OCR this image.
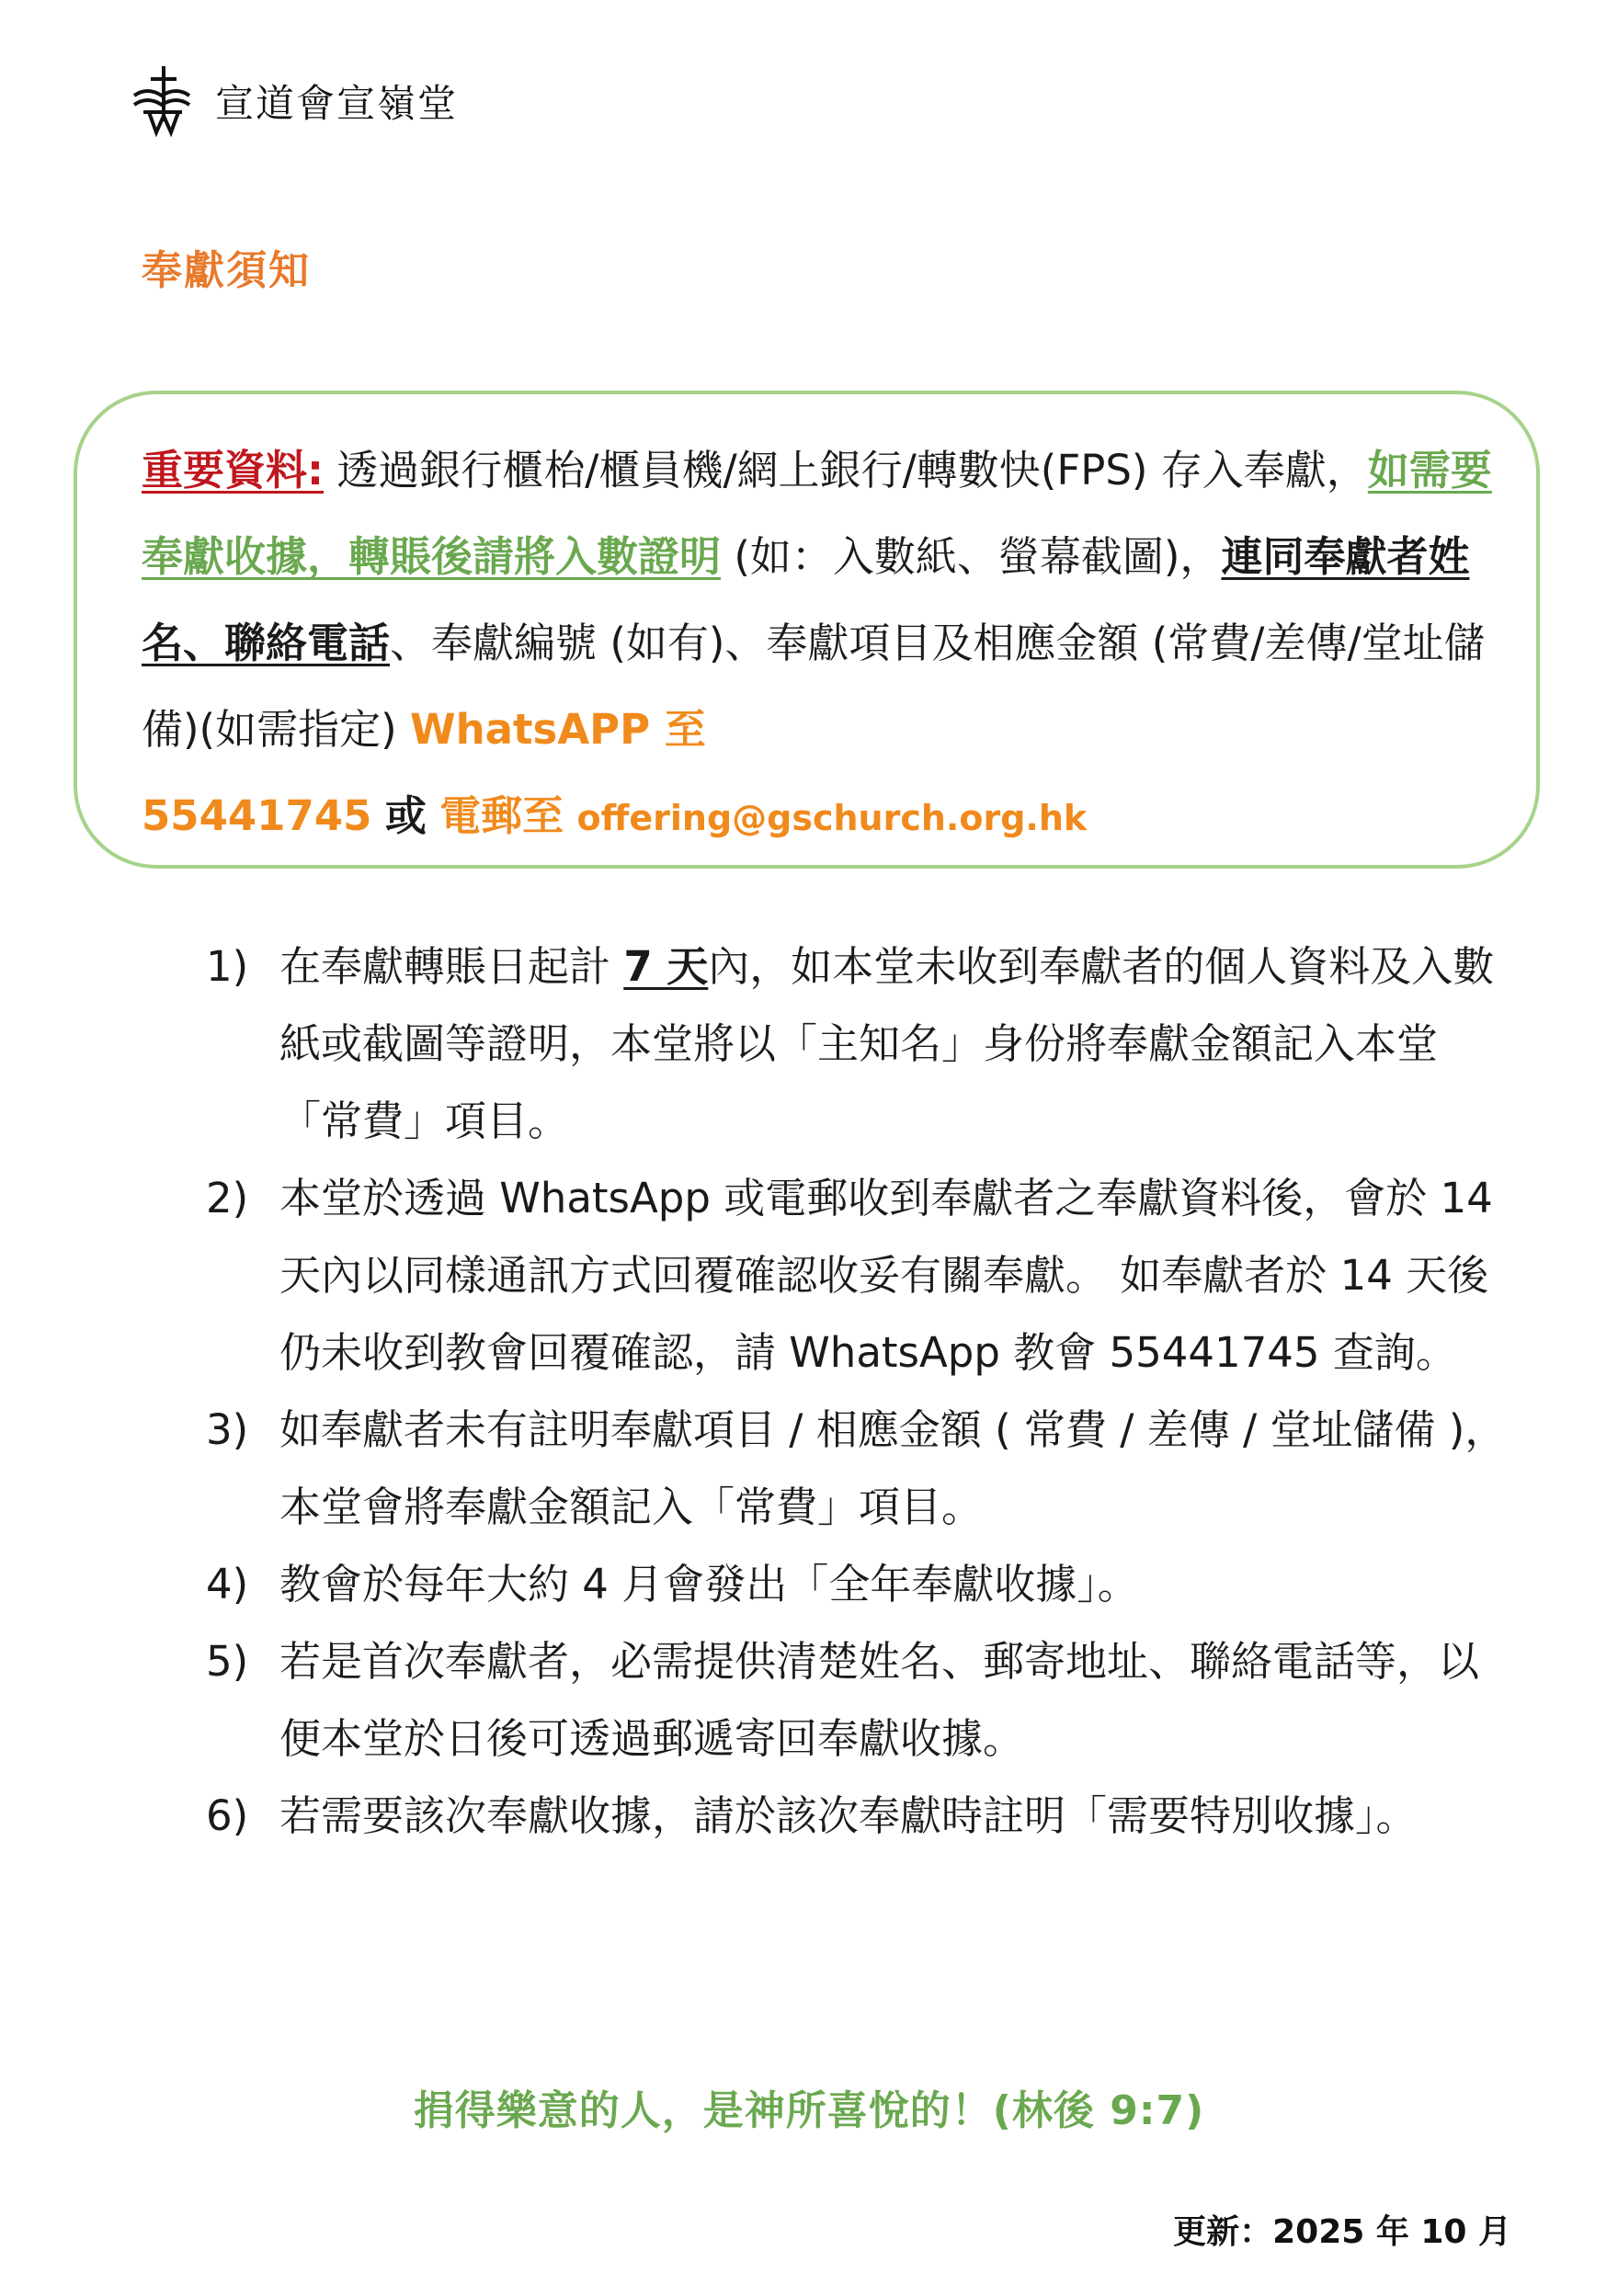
宣道會宣嶺堂
奉獻須知
重要資料: 透過銀行櫃枱/櫃員機/網上銀行/轉數快(FPS) 存入奉獻，如需要奉獻收據，轉賬後請將入數證明 (如：入數紙、螢幕截圖)，連同奉獻者姓名、聯絡電話、奉獻編號 (如有)、奉獻項目及相應金額 (常費/差傳/堂址儲備)(如需指定) WhatsAPP 至
55441745 或 電郵至 offering@gschurch.org.hk
1) 在奉獻轉賬日起計 7 天內，如本堂未收到奉獻者的個人資料及入數紙或截圖等證明，本堂將以「主知名」身份將奉獻金額記入本堂「常費」項目。
2) 本堂於透過 WhatsApp 或電郵收到奉獻者之奉獻資料後，會於 14 天內以同樣通訊方式回覆確認收妥有關奉獻。 如奉獻者於 14 天後仍未收到教會回覆確認，請 WhatsApp 教會 55441745 查詢。
3) 如奉獻者未有註明奉獻項目 / 相應金額 ( 常費 / 差傳 / 堂址儲備 )，本堂會將奉獻金額記入「常費」項目。
4) 教會於每年大約 4 月會發出「全年奉獻收據」。
5) 若是首次奉獻者，必需提供清楚姓名、郵寄地址、聯絡電話等，以便本堂於日後可透過郵遞寄回奉獻收據。
6) 若需要該次奉獻收據，請於該次奉獻時註明「需要特別收據」。
捐得樂意的人，是神所喜悅的！(林後 9:7)
更新：2025 年 10 月
